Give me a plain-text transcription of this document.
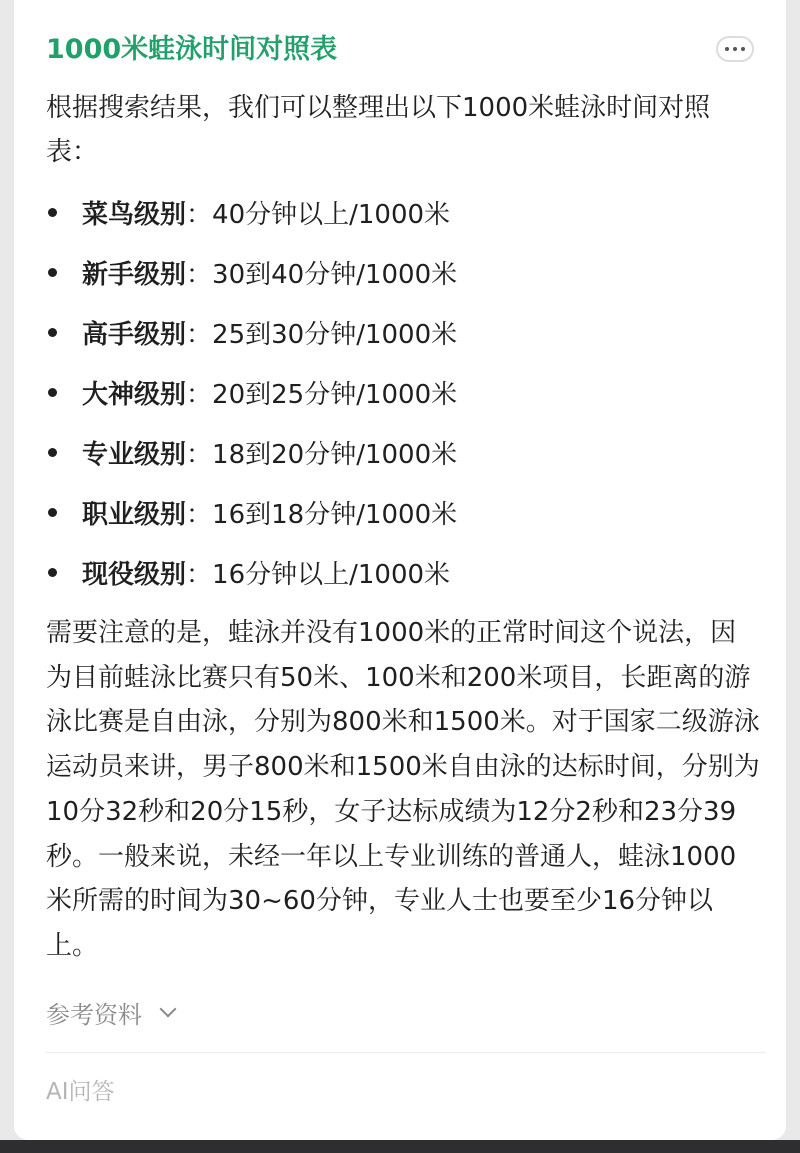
1000米蛙泳时间对照表
根据搜索结果，我们可以整理出以下1000米蛙泳时间对照表：
菜鸟级别 ： 40分钟以上/1000米
新手级别 ： 30到40分钟/1000米
高手级别 ： 25到30分钟/1000米
大神级别 ： 20到25分钟/1000米
专业级别 ： 18到20分钟/1000米
职业级别 ： 16到18分钟/1000米
现役级别 ： 16分钟以上/1000米
需要注意的是，蛙泳并没有1000米的正常时间这个说法，因为目前蛙泳比赛只有50米、100米和200米项目，长距离的游泳比赛是自由泳，分别为800米和1500米。对于国家二级游泳运动员来讲，男子800米和1500米自由泳的达标时间，分别为10分32秒和20分15秒，女子达标成绩为12分2秒和23分39秒。一般来说，未经一年以上专业训练的普通人，蛙泳1000米所需的时间为30~60分钟，专业人士也要至少16分钟以上。
参考资料
AI问答
